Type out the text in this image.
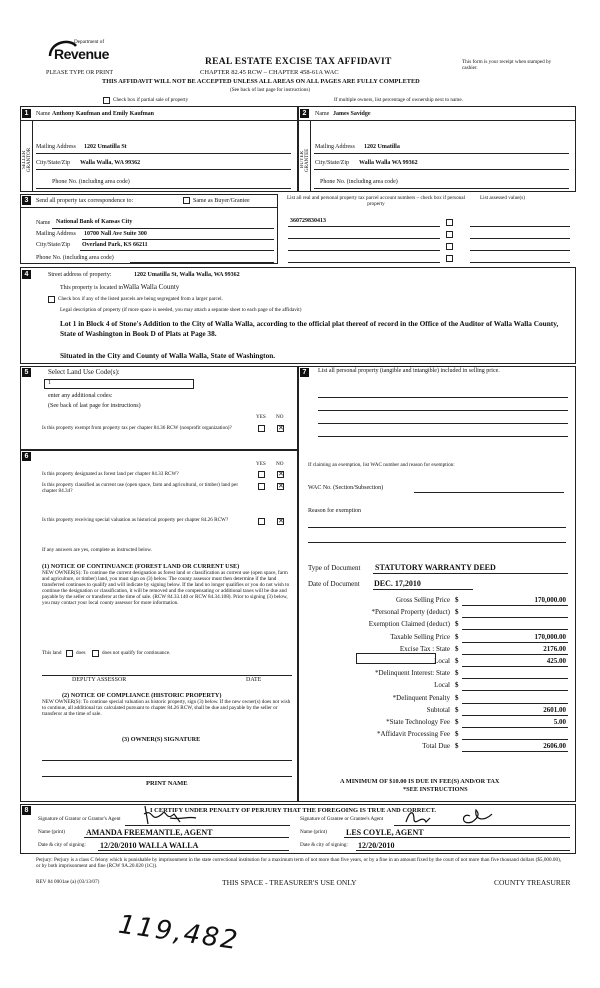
Department of
Revenue
PLEASE TYPE OR PRINT
REAL ESTATE EXCISE TAX AFFIDAVIT
CHAPTER 82.45 RCW – CHAPTER 458-61A WAC
THIS AFFIDAVIT WILL NOT BE ACCEPTED UNLESS ALL AREAS ON ALL PAGES ARE FULLY COMPLETED
(See back of last page for instructions)
This form is your receipt when stamped by cashier.
Check box if partial sale of property	If multiple owners, list percentage of ownership next to name.
1	Name Anthony Kaufman and Emily Kaufman
SELLER GRANTOR
Mailing Address 1202 Umatilla St
City/State/Zip Walla Walla, WA 99362
Phone No. (including area code)
2	Name James Savidge
BUYER GRANTEE
Mailing Address 1202 Umatilla
City/State/Zip Walla Walla WA 99362
Phone No. (including area code)
3	Send all property tax correspondence to:	Same as Buyer/Grantee
Name National Bank of Kansas City
Mailing Address 10700 Nall Ave Suite 300
City/State/Zip Overland Park, KS 66211
Phone No. (including area code)
List all real and personal property tax parcel account numbers – check box if personal property
List assessed value(s)
360729830413
4	Street address of property:	1202 Umatilla St, Walla Walla, WA 99362
This property is located in Walla Walla County
Check box if any of the listed parcels are being segregated from a larger parcel.
Legal description of property (if more space is needed, you may attach a separate sheet to each page of the affidavit)
Lot 1 in Block 4 of Stone's Addition to the City of Walla Walla, according to the official plat thereof of record in the Office of the Auditor of Walla Walla County, State of Washington in Book D of Plats at Page 38.
Situated in the City and County of Walla Walla, State of Washington.
5	Select Land Use Code(s):
1
enter any additional codes:
(See back of last page for instructions)
YES NO
Is this property exempt from property tax per chapter 84.36 RCW (nonprofit organization)?	✕
6
YES NO
Is this property designated as forest land per chapter 84.33 RCW?	✕
Is this property classified as current use (open space, farm and agricultural, or timber) land per chapter 84.34?
✕
Is this property receiving special valuation as historical property per chapter 84.26 RCW?	✕
If any answers are yes, complete as instructed below.
(1) NOTICE OF CONTINUANCE (FOREST LAND OR CURRENT USE)
NEW OWNER(S): To continue the current designation as forest land or classification as current use (open space, farm and agriculture, or timber) land, you must sign on (3) below. The county assessor must then determine if the land transferred continues to qualify and will indicate by signing below. If the land no longer qualifies or you do not wish to continue the designation or classification, it will be removed and the compensating or additional taxes will be due and payable by the seller or transferor at the time of sale. (RCW 84.33.140 or RCW 84.34.108). Prior to signing (3) below, you may contact your local county assessor for more information.
This land	does	does not qualify for continuance.
DEPUTY ASSESSOR	DATE
(2) NOTICE OF COMPLIANCE (HISTORIC PROPERTY)
NEW OWNER(S): To continue special valuation as historic property, sign (3) below. If the new owner(s) does not wish to continue, all additional tax calculated pursuant to chapter 84.26 RCW, shall be due and payable by the seller or transferor at the time of sale.
(3) OWNER(S) SIGNATURE
PRINT NAME
7	List all personal property (tangible and intangible) included in selling price.
If claiming an exemption, list WAC number and reason for exemption:
WAC No. (Section/Subsection)
Reason for exemption
Type of Document STATUTORY WARRANTY DEED
Date of Document DEC. 17,2010
Gross Selling Price $	170,000.00
*Personal Property (deduct) $
Exemption Claimed (deduct) $
Taxable Selling Price $	170,000.00
Excise Tax : State $	2176.00
Local $	425.00
*Delinquent Interest: State $
Local $
*Delinquent Penalty $
Subtotal $	2601.00
*State Technology Fee $	5.00
*Affidavit Processing Fee $
Total Due $	2606.00
A MINIMUM OF $10.00 IS DUE IN FEE(S) AND/OR TAX
*SEE INSTRUCTIONS
8	I CERTIFY UNDER PENALTY OF PERJURY THAT THE FOREGOING IS TRUE AND CORRECT.
Signature of Grantor or Grantor's Agent	Signature of Grantee or Grantee's Agent
Name (print)	AMANDA FREEMANTLE, AGENT	Name (print) LES COYLE, AGENT
Date & city of signing: 12/20/2010 WALLA WALLA	Date & city of signing: 12/20/2010
Perjury: Perjury is a class C felony which is punishable by imprisonment in the state correctional institution for a maximum term of not more than five years, or by a fine in an amount fixed by the court of not more than five thousand dollars ($5,000.00), or by both imprisonment and fine (RCW 9A.20.020 (1C)).
REV 84 0001ae (a) (03/13/07)	THIS SPACE - TREASURER'S USE ONLY	COUNTY TREASURER
119,482
